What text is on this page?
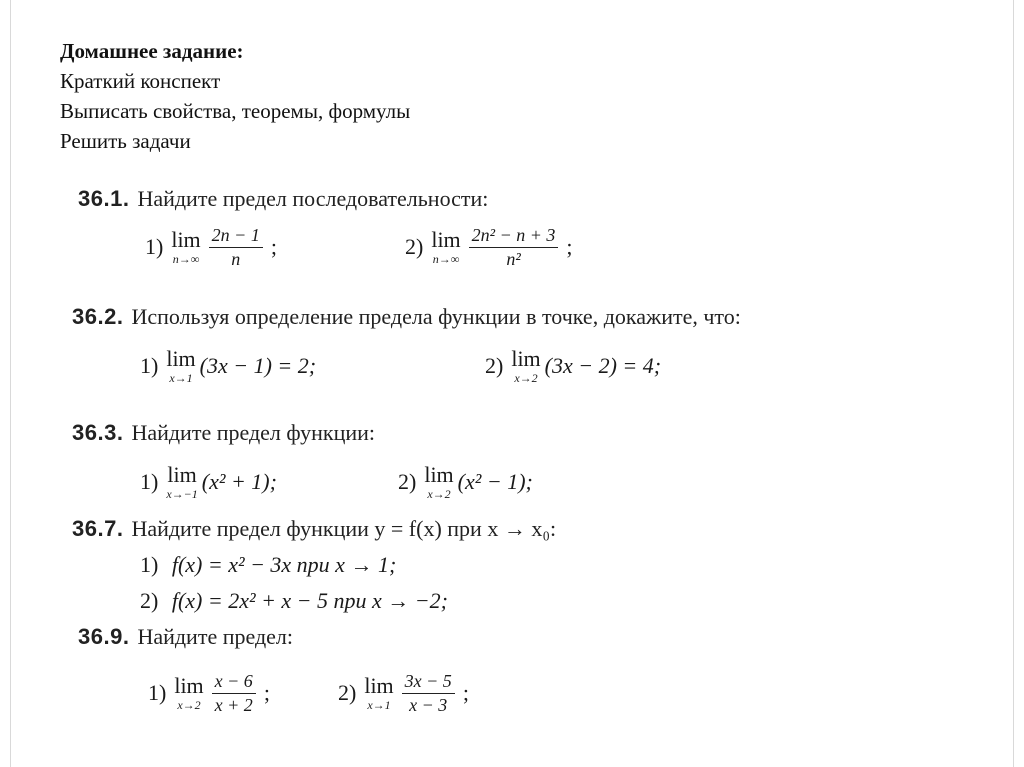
Домашнее задание:
Краткий конспект
Выписать свойства, теоремы, формулы
Решить задачи
36.1. Найдите предел последовательности:
1) lim
$n\to\infty \frac{2n - 1}{n}$ ;	2) lim
$n\to\infty \frac{\text{2n² − n + 3}}{\text{n²}}$ ;
36.2. Используя определение предела функции в точке, докажите, что:
1) lim
x→1 (3x − 1) = 2;	2) lim
x→2 (3x − 2) = 4;
36.3. Найдите предел функции:
1) lim
x→−1 (x² + 1);	2) lim
x→2 (x² − 1);
36.7. Найдите предел функции y = f(x) при x → x₀:
1) f(x) = x² − 3x при x → 1;
2) f(x) = 2x² + x − 5 при x → −2;
36.9. Найдите предел:
1) lim
$x\to 2 \frac{x - 6}{x + 2}$ ;	2) lim
$x\to 1 \frac{3x - 5}{x - 3}$ ;
